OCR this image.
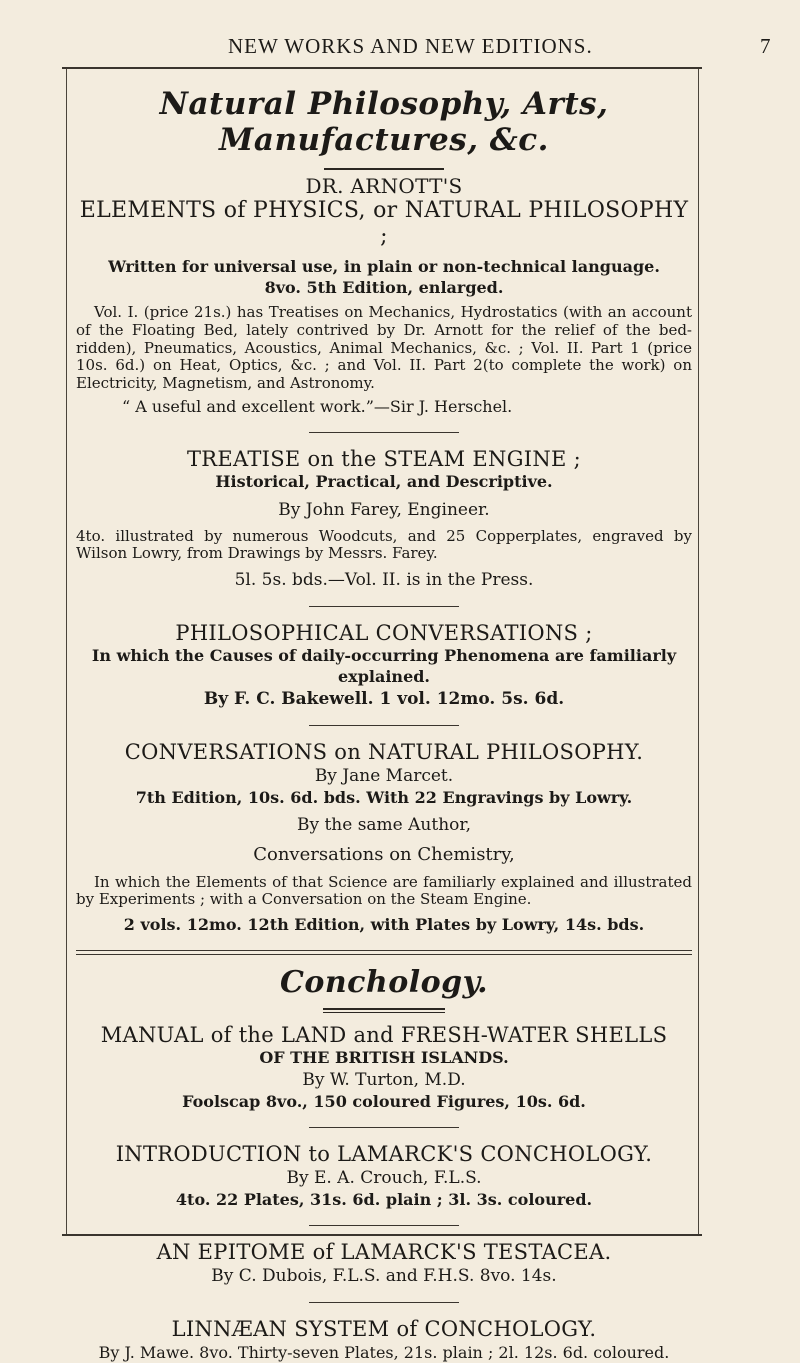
NEW WORKS AND NEW EDITIONS.	7
Natural Philosophy, Arts, Manufactures, &c.

DR. ARNOTT'S

ELEMENTS of PHYSICS, or NATURAL PHILOSOPHY ;

Written for universal use, in plain or non-technical language.

8vo. 5th Edition, enlarged.

Vol. I. (price 21s.) has Treatises on Mechanics, Hydrostatics (with an account of the Floating Bed, lately contrived by Dr. Arnott for the relief of the bed-ridden), Pneumatics, Acoustics, Animal Mechanics, &c. ; Vol. II. Part 1 (price 10s. 6d.) on Heat, Optics, &c. ; and Vol. II. Part 2(to complete the work) on Electricity, Magnetism, and Astronomy.

“ A useful and excellent work.”—Sir J. Herschel.

TREATISE on the STEAM ENGINE ;

Historical, Practical, and Descriptive.

By John Farey, Engineer.

4to. illustrated by numerous Woodcuts, and 25 Copperplates, engraved by Wilson Lowry, from Drawings by Messrs. Farey.

5l. 5s. bds.—Vol. II. is in the Press.

PHILOSOPHICAL CONVERSATIONS ;

In which the Causes of daily-occurring Phenomena are familiarly explained.

By F. C. Bakewell. 1 vol. 12mo. 5s. 6d.

CONVERSATIONS on NATURAL PHILOSOPHY.

By Jane Marcet.

7th Edition, 10s. 6d. bds. With 22 Engravings by Lowry.

By the same Author,

Conversations on Chemistry,

In which the Elements of that Science are familiarly explained and illustrated by Experiments ; with a Conversation on the Steam Engine.

2 vols. 12mo. 12th Edition, with Plates by Lowry, 14s. bds.

Conchology.

MANUAL of the LAND and FRESH-WATER SHELLS

OF THE BRITISH ISLANDS.

By W. Turton, M.D.

Foolscap 8vo., 150 coloured Figures, 10s. 6d.

INTRODUCTION to LAMARCK'S CONCHOLOGY.

By E. A. Crouch, F.L.S.

4to. 22 Plates, 31s. 6d. plain ; 3l. 3s. coloured.

AN EPITOME of LAMARCK'S TESTACEA.

By C. Dubois, F.L.S. and F.H.S. 8vo. 14s.

LINNÆAN SYSTEM of CONCHOLOGY.

By J. Mawe. 8vo. Thirty-seven Plates, 21s. plain ; 2l. 12s. 6d. coloured.
